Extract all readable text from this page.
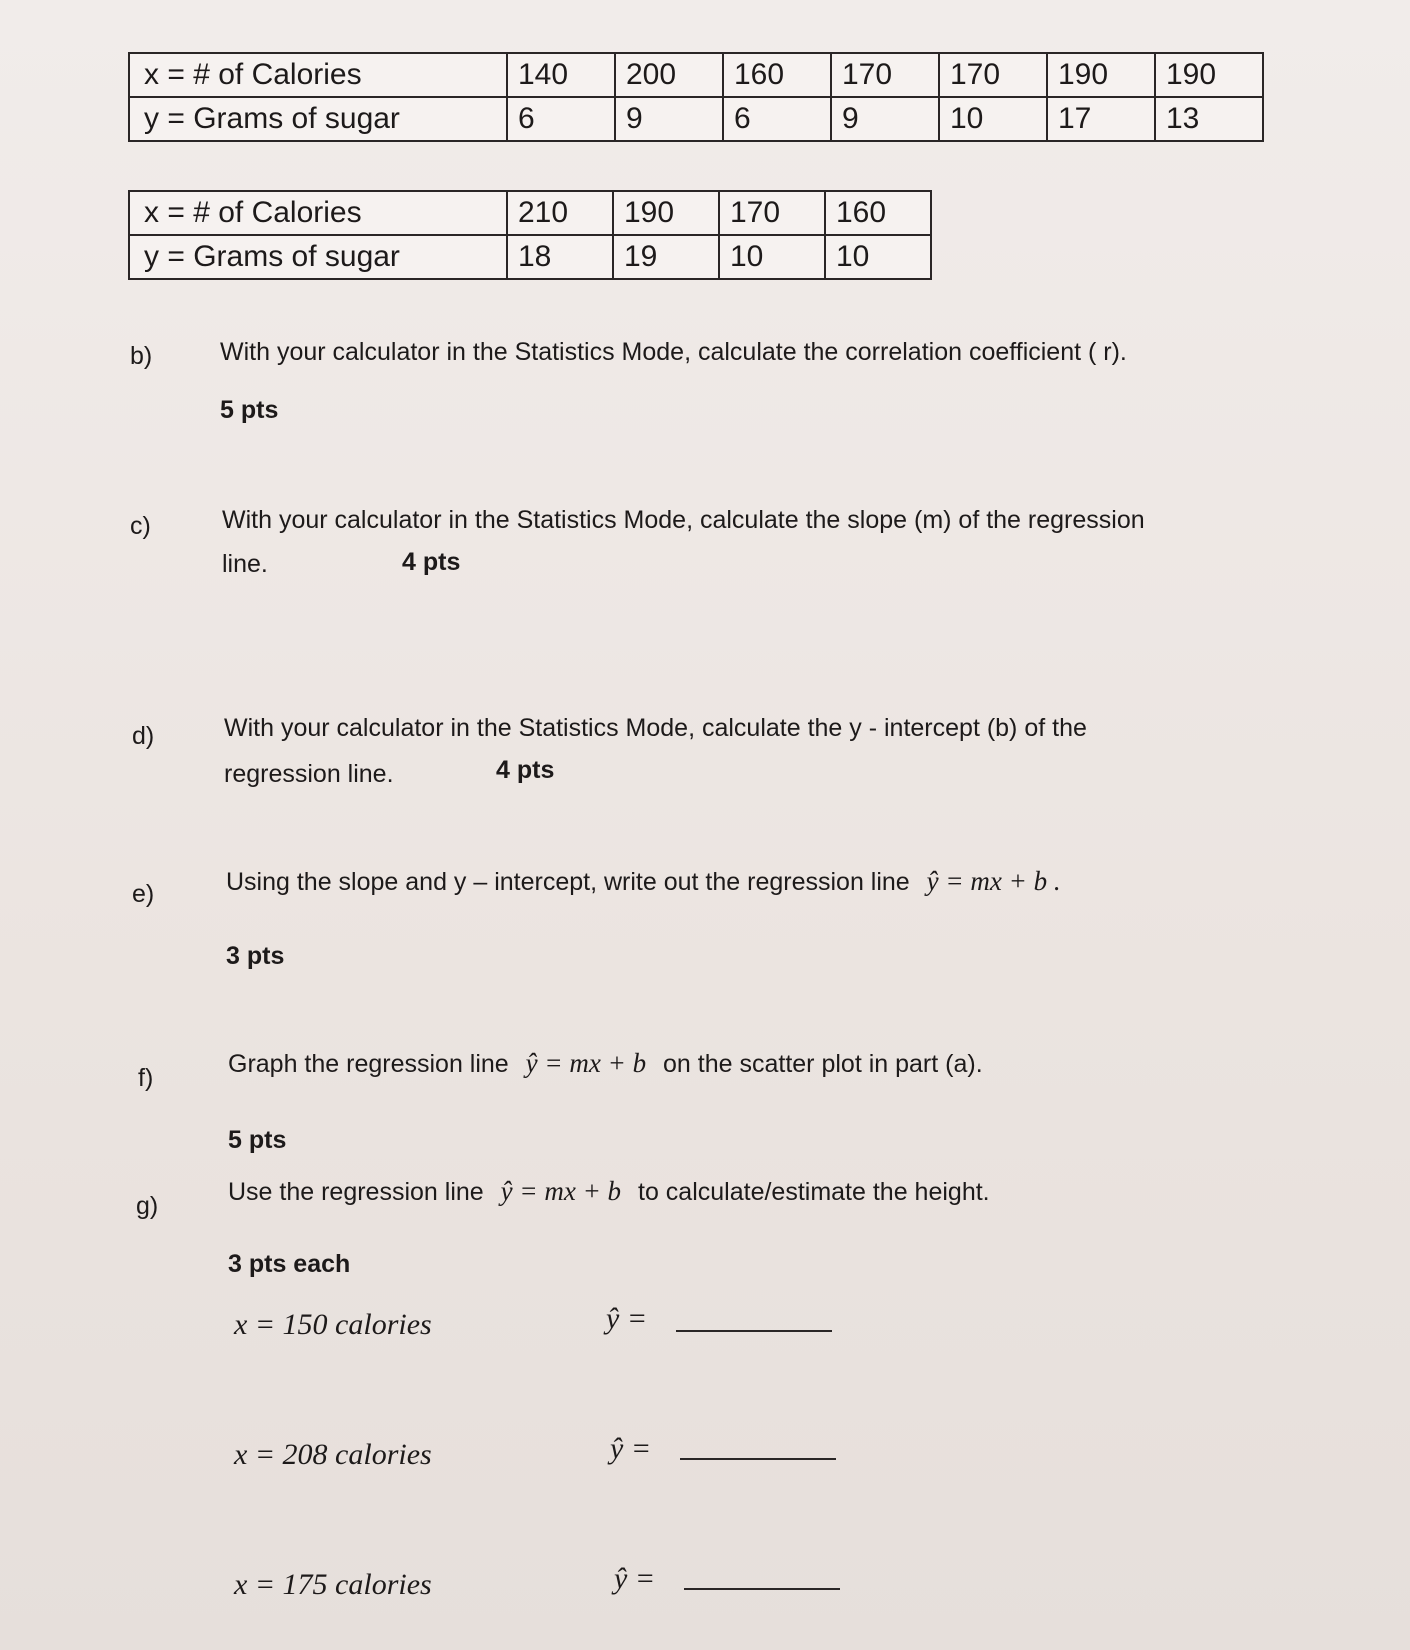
x = # of Calories	140	200	160	170	170	190	190
y = Grams of sugar	6	9	6	9	10	17	13
x = # of Calories	210	190	170	160
y = Grams of sugar	18	19	10	10
b)	With your calculator in the Statistics Mode, calculate the correlation coefficient ( r).
5 pts
c)	With your calculator in the Statistics Mode, calculate the slope (m) of the regression
line.	4 pts
d)	With your calculator in the Statistics Mode, calculate the y - intercept (b) of the
regression line.	4 pts
e)	Using the slope and y – intercept, write out the regression line ŷ = mx + b .
3 pts
f)	Graph the regression line ŷ = mx + b on the scatter plot in part (a).
5 pts
g)	Use the regression line ŷ = mx + b to calculate/estimate the height.
3 pts each
x = 150 calories	ŷ =
x = 208 calories	ŷ =
x = 175 calories	ŷ =
